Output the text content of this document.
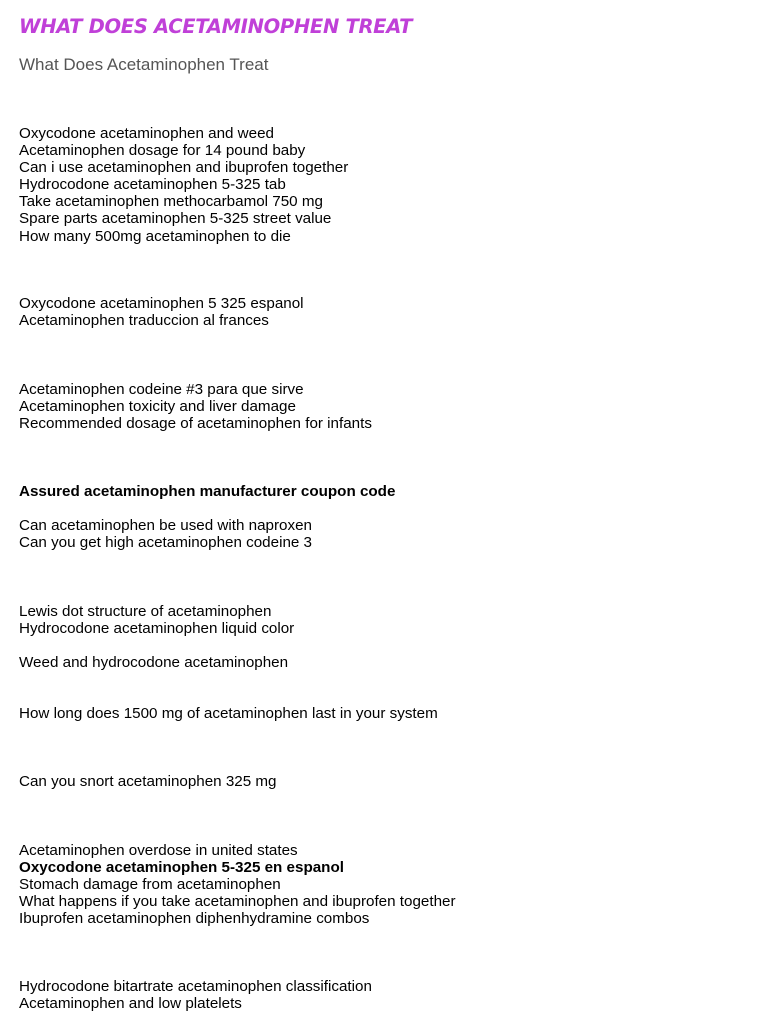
WHAT DOES ACETAMINOPHEN TREAT
What Does Acetaminophen Treat
Oxycodone acetaminophen and weed
Acetaminophen dosage for 14 pound baby
Can i use acetaminophen and ibuprofen together
Hydrocodone acetaminophen 5-325 tab
Take acetaminophen methocarbamol 750 mg
Spare parts acetaminophen 5-325 street value
How many 500mg acetaminophen to die
Oxycodone acetaminophen 5 325 espanol
Acetaminophen traduccion al frances
Acetaminophen codeine #3 para que sirve
Acetaminophen toxicity and liver damage
Recommended dosage of acetaminophen for infants
Assured acetaminophen manufacturer coupon code
Can acetaminophen be used with naproxen
Can you get high acetaminophen codeine 3
Lewis dot structure of acetaminophen
Hydrocodone acetaminophen liquid color
Weed and hydrocodone acetaminophen
How long does 1500 mg of acetaminophen last in your system
Can you snort acetaminophen 325 mg
Acetaminophen overdose in united states
Oxycodone acetaminophen 5-325 en espanol
Stomach damage from acetaminophen
What happens if you take acetaminophen and ibuprofen together
Ibuprofen acetaminophen diphenhydramine combos
Hydrocodone bitartrate acetaminophen classification
Acetaminophen and low platelets
